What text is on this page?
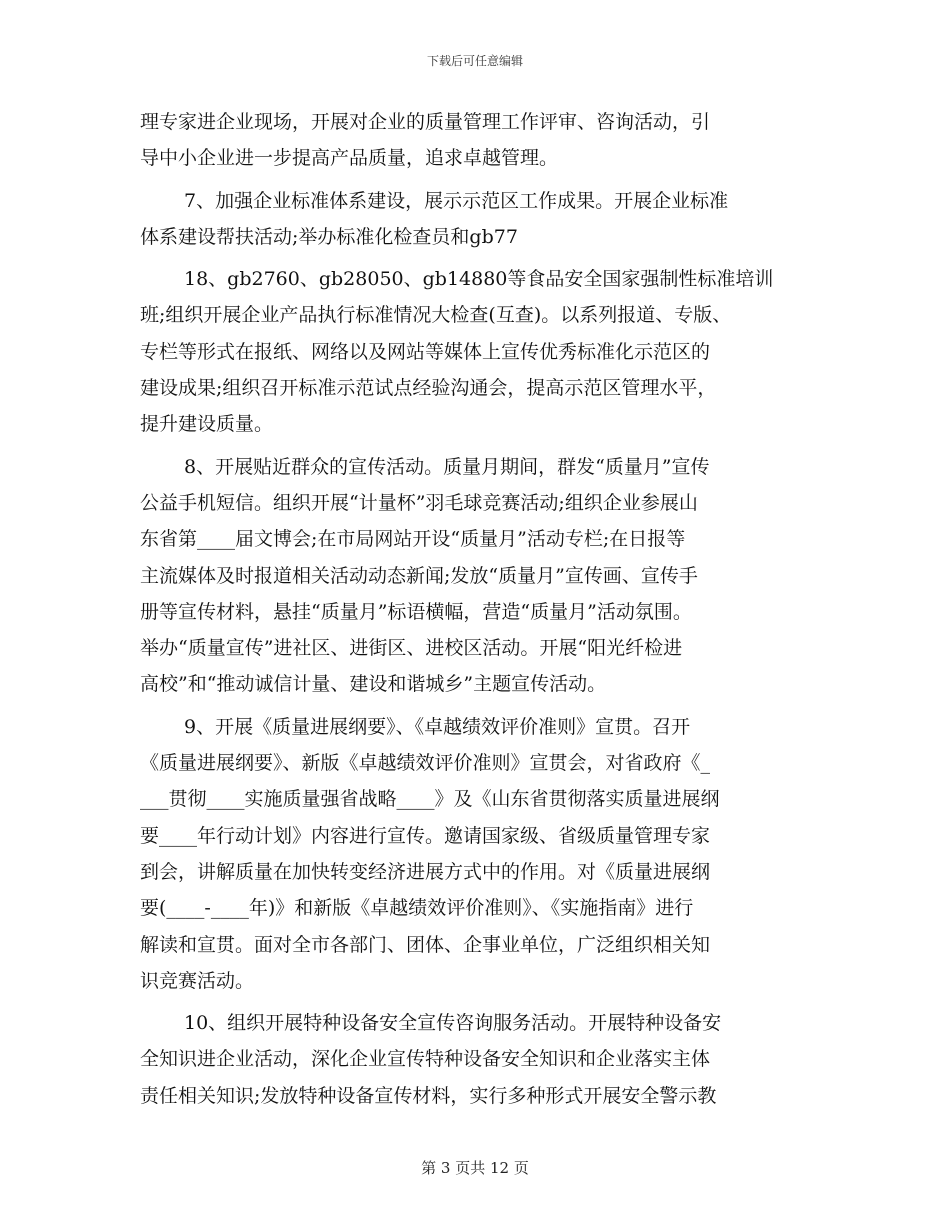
下载后可任意编辑
理专家进企业现场，开展对企业的质量管理工作评审、咨询活动，引
导中小企业进一步提高产品质量，追求卓越管理。
7、加强企业标准体系建设，展示示范区工作成果。开展企业标准
体系建设帮扶活动;举办标准化检查员和gb77
18、gb2760、gb28050、gb14880等食品安全国家强制性标准培训
班;组织开展企业产品执行标准情况大检查(互查)。以系列报道、专版、
专栏等形式在报纸、网络以及网站等媒体上宣传优秀标准化示范区的
建设成果;组织召开标准示范试点经验沟通会，提高示范区管理水平，
提升建设质量。
8、开展贴近群众的宣传活动。质量月期间，群发“质量月”宣传
公益手机短信。组织开展“计量杯”羽毛球竞赛活动;组织企业参展山
东省第____届文博会;在市局网站开设“质量月”活动专栏;在日报等
主流媒体及时报道相关活动动态新闻;发放“质量月”宣传画、宣传手
册等宣传材料，悬挂“质量月”标语横幅，营造“质量月”活动氛围。
举办“质量宣传”进社区、进街区、进校区活动。开展“阳光纤检进
高校”和“推动诚信计量、建设和谐城乡”主题宣传活动。
9、开展《质量进展纲要》、《卓越绩效评价准则》宣贯。召开
《质量进展纲要》、新版《卓越绩效评价准则》宣贯会，对省政府《_
___贯彻____实施质量强省战略____》及《山东省贯彻落实质量进展纲
要____年行动计划》内容进行宣传。邀请国家级、省级质量管理专家
到会，讲解质量在加快转变经济进展方式中的作用。对《质量进展纲
要(____-____年)》和新版《卓越绩效评价准则》、《实施指南》进行
解读和宣贯。面对全市各部门、团体、企事业单位，广泛组织相关知
识竞赛活动。
10、组织开展特种设备安全宣传咨询服务活动。开展特种设备安
全知识进企业活动，深化企业宣传特种设备安全知识和企业落实主体
责任相关知识;发放特种设备宣传材料，实行多种形式开展安全警示教
第 3 页共 12 页
